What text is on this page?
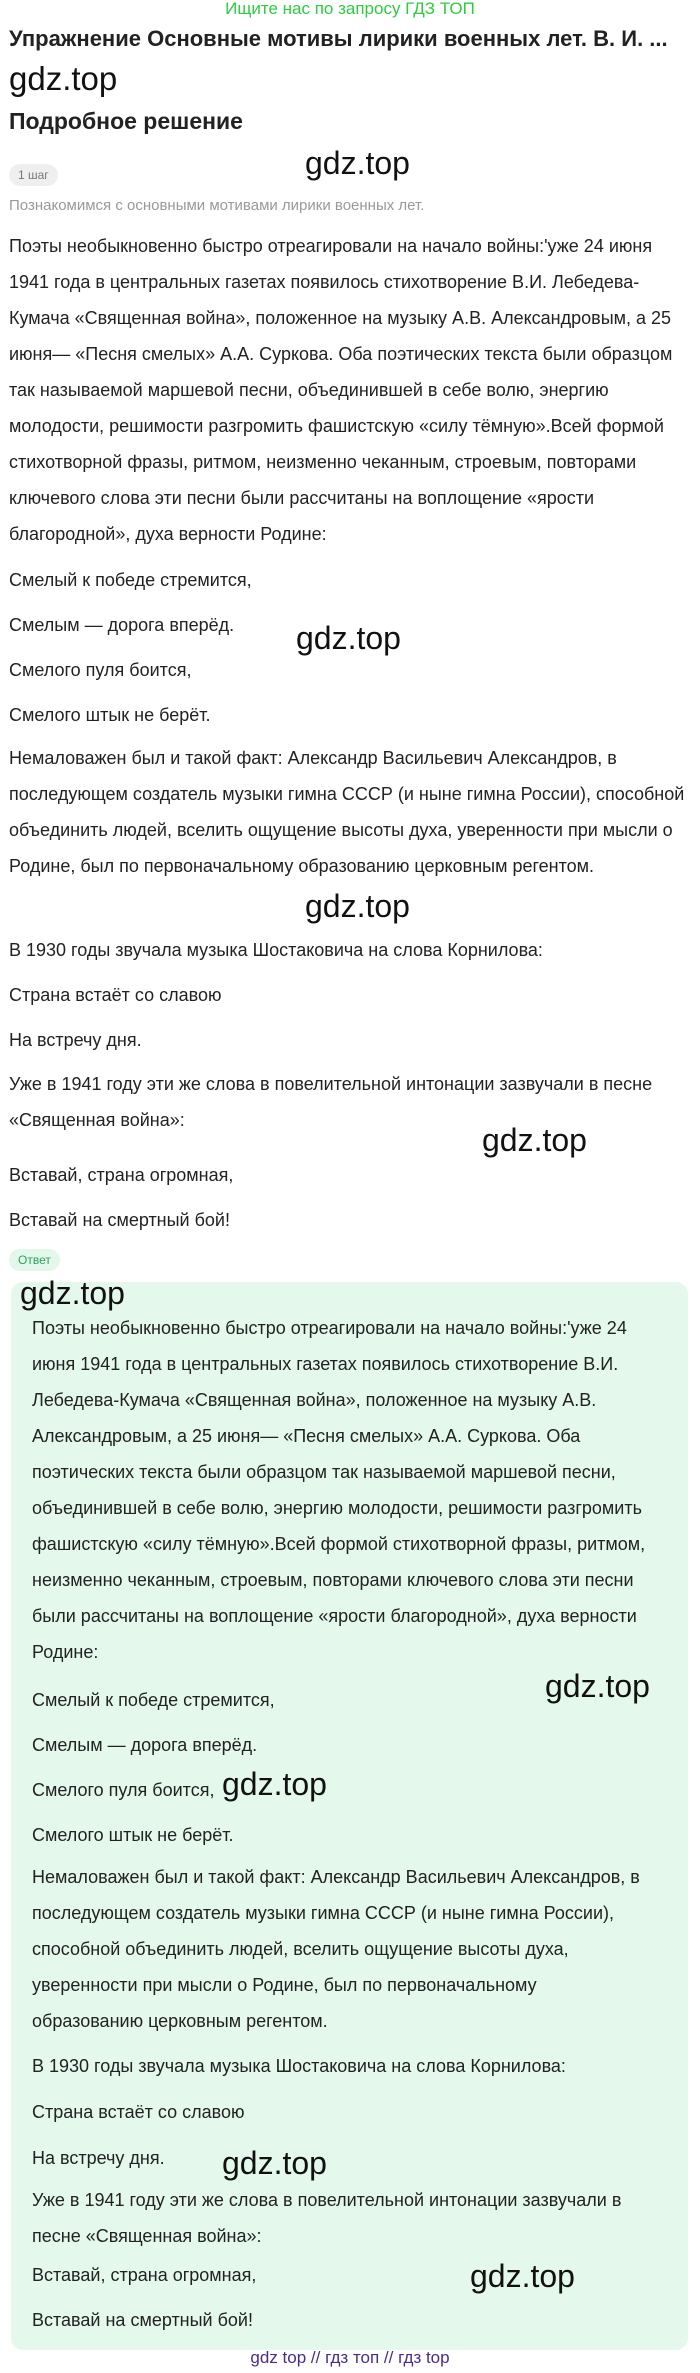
Ищите нас по запросу ГДЗ ТОП
Упражнение Основные мотивы лирики военных лет. В. И. ...
gdz.top
Подробное решение
gdz.top
1 шаг
Познакомимся с основными мотивами лирики военных лет.
Поэты необыкновенно быстро отреагировали на начало войны:'уже 24 июня 1941 года в центральных газетах появилось стихотворение В.И. Лебедева-Кумача «Священная война», положенное на музыку А.В. Александровым, а 25 июня— «Песня смелых» А.А. Суркова. Оба поэтических текста были образцом так называемой маршевой песни, объединившей в себе волю, энергию молодости, решимости разгромить фашистскую «силу тёмную».Всей формой стихотворной фразы, ритмом, неизменно чеканным, строевым, повторами ключевого слова эти песни были рассчитаны на воплощение «ярости благородной», духа верности Родине:
Смелый к победе стремится,
Смелым — дорога вперёд. gdz.top
Смелого пуля боится,
Смелого штык не берёт.
Немаловажен был и такой факт: Александр Васильевич Александров, в последующем создатель музыки гимна СССР (и ныне гимна России), способной объединить людей, вселить ощущение высоты духа, уверенности при мысли о Родине, был по первоначальному образованию церковным регентом.
gdz.top
В 1930 годы звучала музыка Шостаковича на слова Корнилова:
Страна встаёт со славою
На встречу дня.
Уже в 1941 году эти же слова в повелительной интонации зазвучали в песне «Священная война»:
gdz.top
Вставай, страна огромная,
Вставай на смертный бой!
Ответ
gdz.top
Поэты необыкновенно быстро отреагировали на начало войны:'уже 24 июня 1941 года в центральных газетах появилось стихотворение В.И. Лебедева-Кумача «Священная война», положенное на музыку А.В. Александровым, а 25 июня— «Песня смелых» А.А. Суркова. Оба поэтических текста были образцом так называемой маршевой песни, объединившей в себе волю, энергию молодости, решимости разгромить фашистскую «силу тёмную».Всей формой стихотворной фразы, ритмом, неизменно чеканным, строевым, повторами ключевого слова эти песни были рассчитаны на воплощение «ярости благородной», духа верности Родине:
Смелый к победе стремится,	gdz.top
Смелым — дорога вперёд.
Смелого пуля боится, gdz.top
Смелого штык не берёт.
Немаловажен был и такой факт: Александр Васильевич Александров, в последующем создатель музыки гимна СССР (и ныне гимна России), способной объединить людей, вселить ощущение высоты духа, уверенности при мысли о Родине, был по первоначальному образованию церковным регентом.
В 1930 годы звучала музыка Шостаковича на слова Корнилова:
Страна встаёт со славою
На встречу дня. gdz.top
Уже в 1941 году эти же слова в повелительной интонации зазвучали в песне «Священная война»:
Вставай, страна огромная,	gdz.top
Вставай на смертный бой!
gdz top // гдз топ // гдз top
